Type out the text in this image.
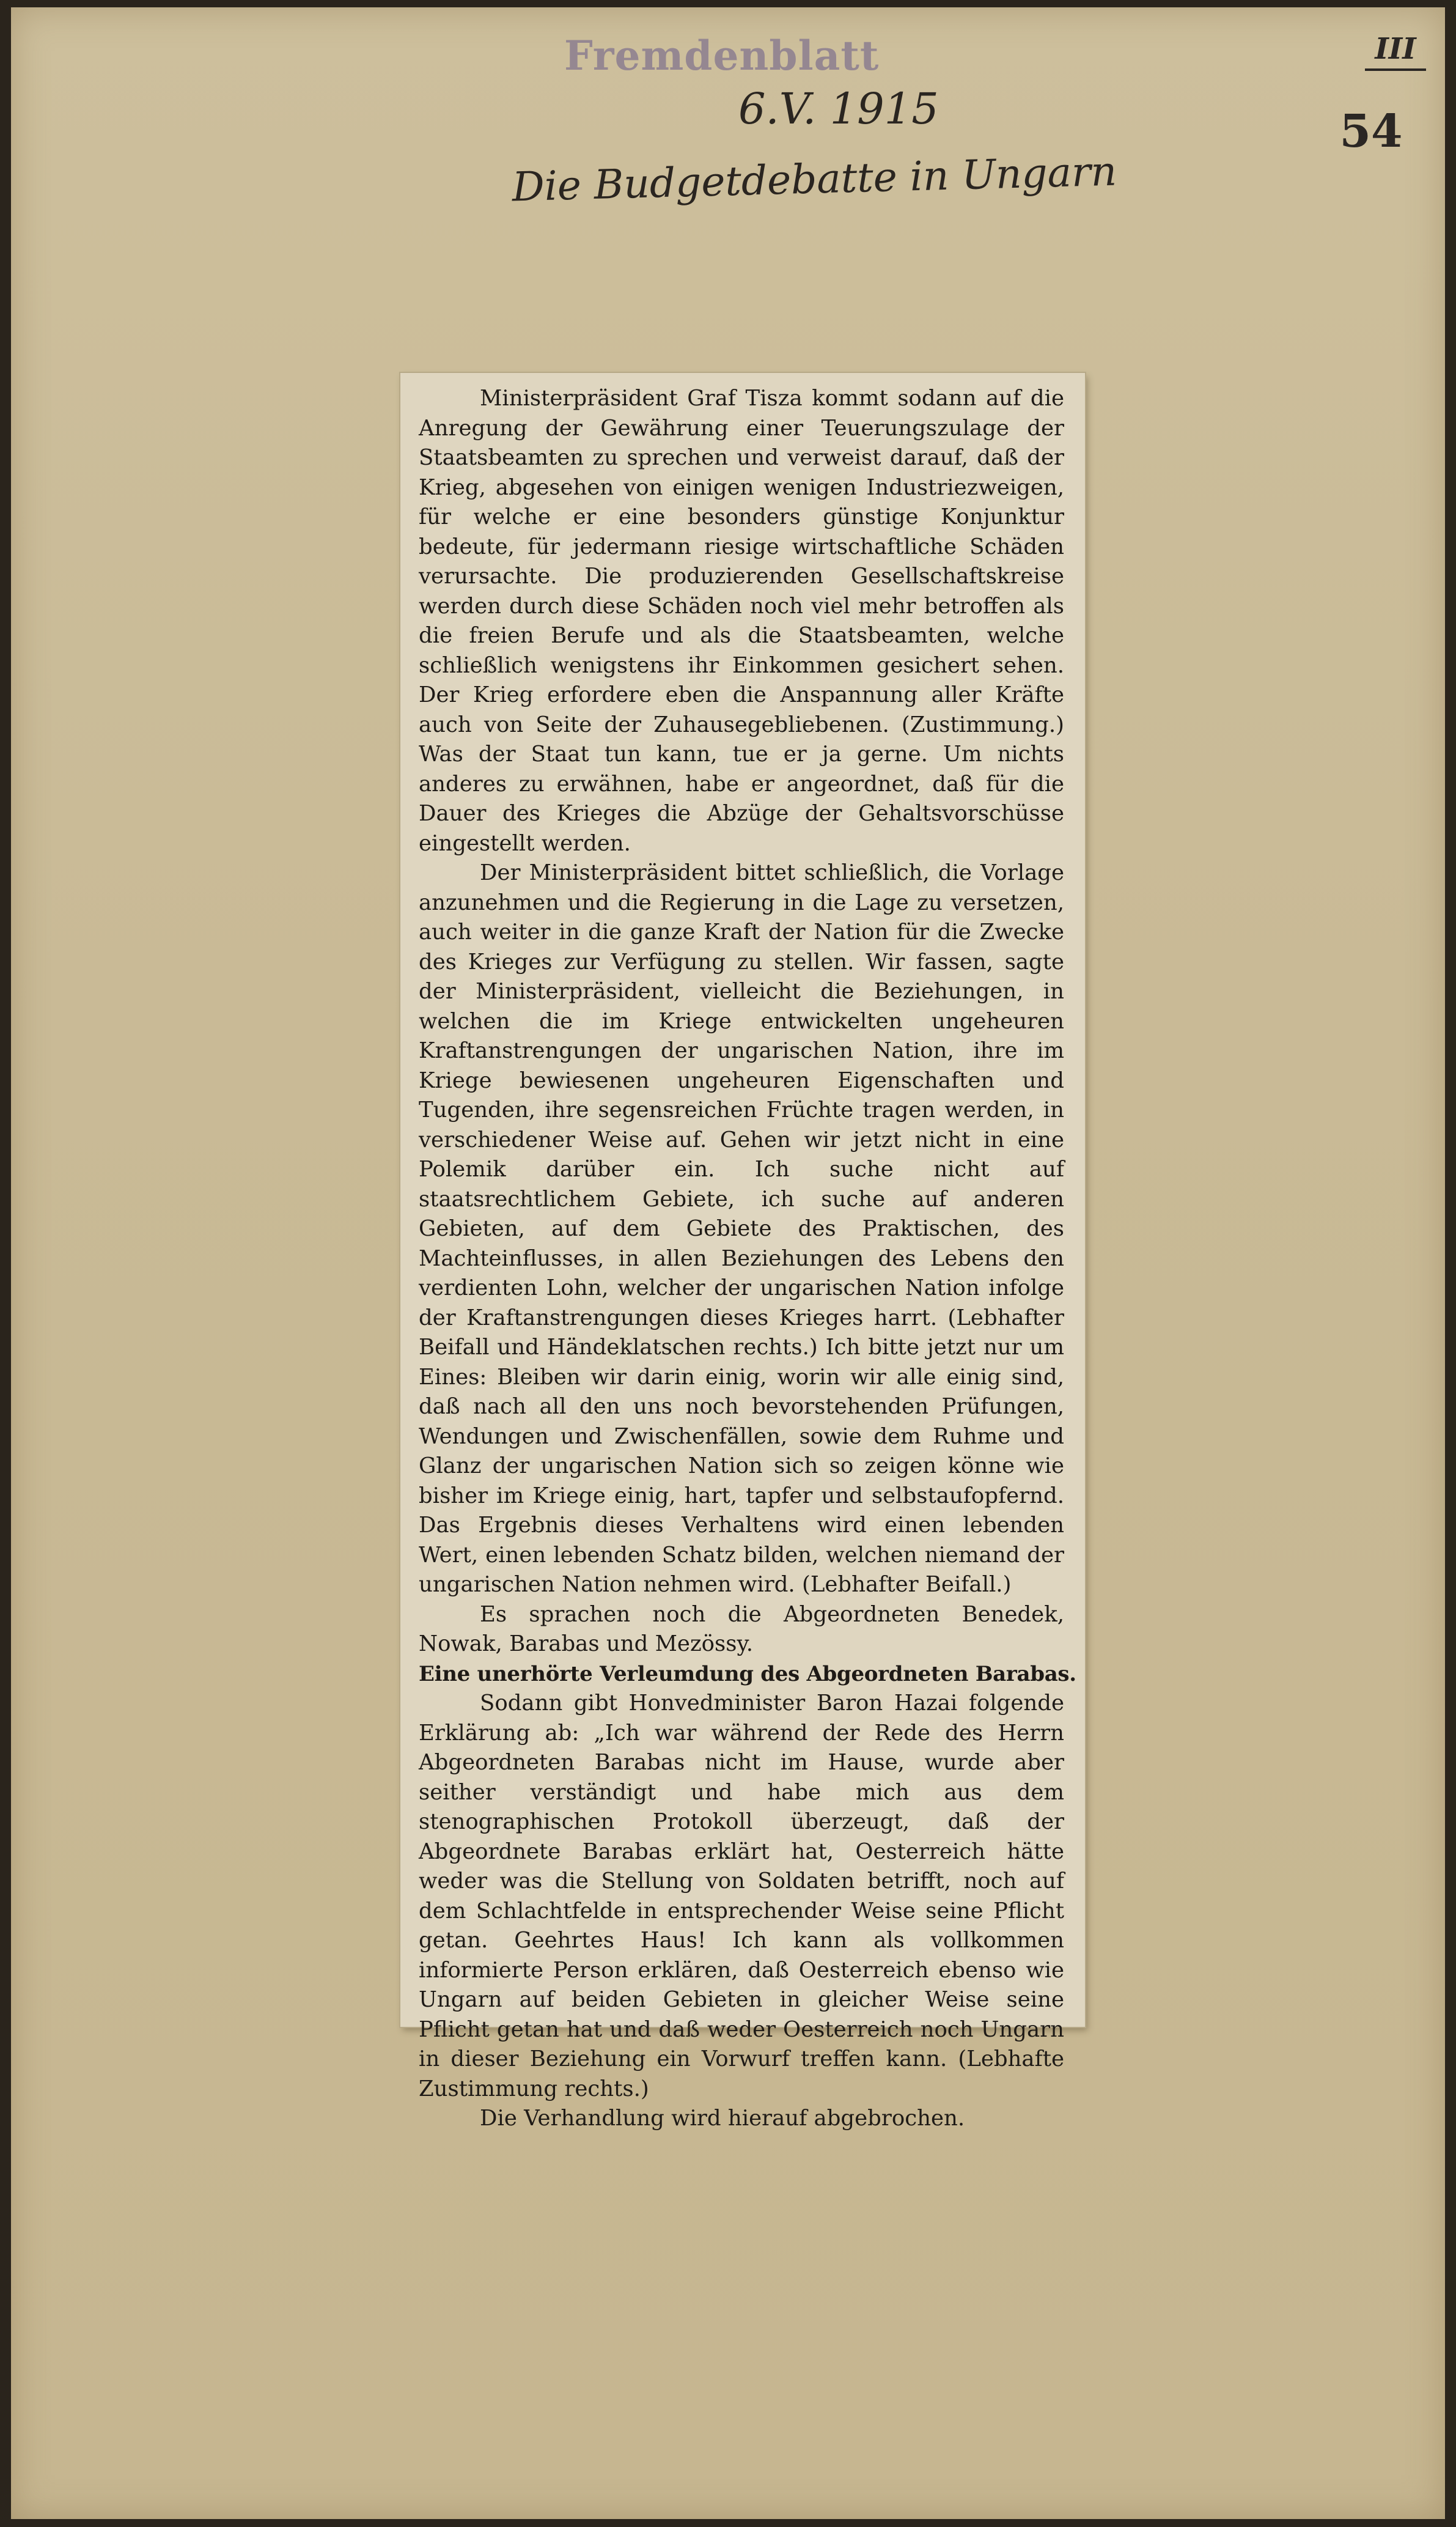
Fremdenblatt	III
6.V. 1915	54
Die Budgetdebatte in Ungarn

Ministerpräsident Graf Tisza kommt sodann auf die Anregung der Gewährung einer Teuerungszulage der Staatsbeamten zu sprechen und verweist darauf, daß der Krieg, abgesehen von einigen wenigen Industriezweigen, für welche er eine besonders günstige Konjunktur bedeute, für jedermann riesige wirtschaftliche Schäden verursachte. Die produzierenden Gesellschaftskreise werden durch diese Schäden noch viel mehr betroffen als die freien Berufe und als die Staatsbeamten, welche schließlich wenigstens ihr Einkommen gesichert sehen. Der Krieg erfordere eben die Anspannung aller Kräfte auch von Seite der Zuhausegebliebenen. (Zustimmung.) Was der Staat tun kann, tue er ja gerne. Um nichts anderes zu erwähnen, habe er angeordnet, daß für die Dauer des Krieges die Abzüge der Gehaltsvorschüsse eingestellt werden.

Der Ministerpräsident bittet schließlich, die Vorlage anzunehmen und die Regierung in die Lage zu versetzen, auch weiter in die ganze Kraft der Nation für die Zwecke des Krieges zur Verfügung zu stellen. Wir fassen, sagte der Ministerpräsident, vielleicht die Beziehungen, in welchen die im Kriege entwickelten ungeheuren Kraftanstrengungen der ungarischen Nation, ihre im Kriege bewiesenen ungeheuren Eigenschaften und Tugenden, ihre segensreichen Früchte tragen werden, in verschiedener Weise auf. Gehen wir jetzt nicht in eine Polemik darüber ein. Ich suche nicht auf staatsrechtlichem Gebiete, ich suche auf anderen Gebieten, auf dem Gebiete des Praktischen, des Machteinflusses, in allen Beziehungen des Lebens den verdienten Lohn, welcher der ungarischen Nation infolge der Kraftanstrengungen dieses Krieges harrt. (Lebhafter Beifall und Händeklatschen rechts.) Ich bitte jetzt nur um Eines: Bleiben wir darin einig, worin wir alle einig sind, daß nach all den uns noch bevorstehenden Prüfungen, Wendungen und Zwischenfällen, sowie dem Ruhme und Glanz der ungarischen Nation sich so zeigen könne wie bisher im Kriege einig, hart, tapfer und selbstaufopfernd. Das Ergebnis dieses Verhaltens wird einen lebenden Wert, einen lebenden Schatz bilden, welchen niemand der ungarischen Nation nehmen wird. (Lebhafter Beifall.)

Es sprachen noch die Abgeordneten Benedek, Nowak, Barabas und Mezössy.

Eine unerhörte Verleumdung des Abgeordneten Barabas.

Sodann gibt Honvedminister Baron Hazai folgende Erklärung ab: „Ich war während der Rede des Herrn Abgeordneten Barabas nicht im Hause, wurde aber seither verständigt und habe mich aus dem stenographischen Protokoll überzeugt, daß der Abgeordnete Barabas erklärt hat, Oesterreich hätte weder was die Stellung von Soldaten betrifft, noch auf dem Schlachtfelde in entsprechender Weise seine Pflicht getan. Geehrtes Haus! Ich kann als vollkommen informierte Person erklären, daß Oesterreich ebenso wie Ungarn auf beiden Gebieten in gleicher Weise seine Pflicht getan hat und daß weder Oesterreich noch Ungarn in dieser Beziehung ein Vorwurf treffen kann. (Lebhafte Zustimmung rechts.)

Die Verhandlung wird hierauf abgebrochen.
